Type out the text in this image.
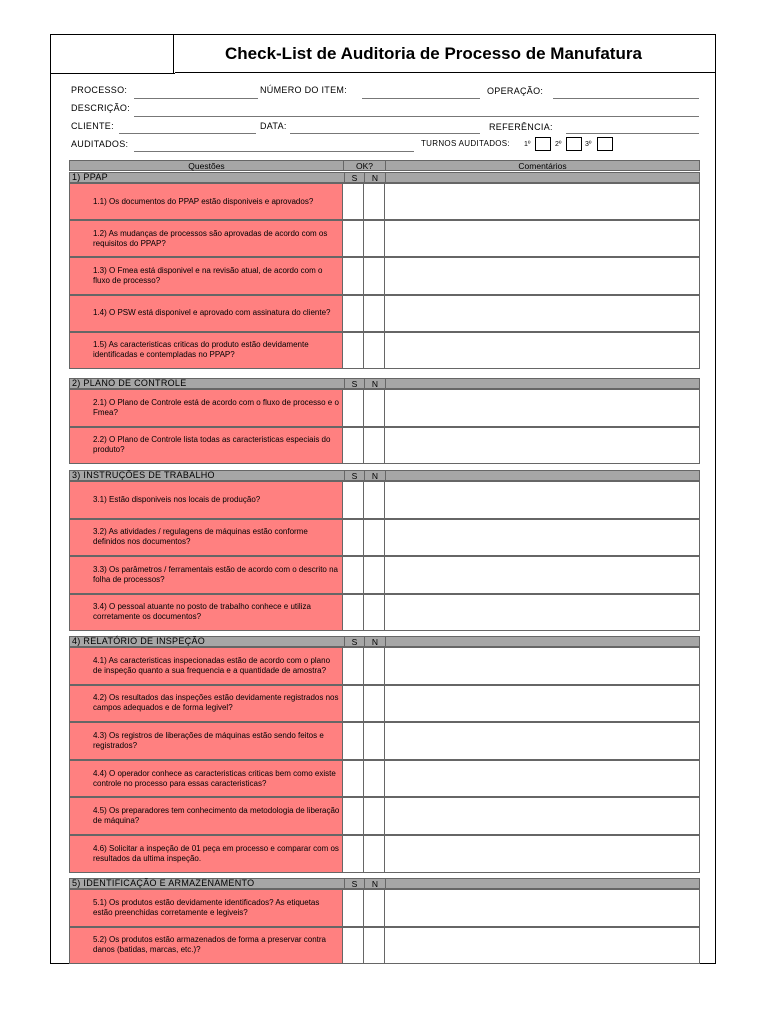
Check-List de Auditoria de Processo de Manufatura
PROCESSO:	NÚMERO DO ITEM:	OPERAÇÃO:
DESCRIÇÃO:
CLIENTE:	DATA:	REFERÊNCIA:
AUDITADOS:	TURNOS AUDITADOS: 1º	2º	3º
Questões	OK?	Comentários
1) PPAP	S	N
1.1) Os documentos do PPAP estão disponiveis e aprovados?
1.2) As mudanças de processos são aprovadas de acordo com os requisitos do PPAP?
1.3) O Fmea está disponivel e na revisão atual, de acordo com o fluxo de processo?
1.4) O PSW está disponivel e aprovado com assinatura do cliente?
1.5) As caracteristicas criticas do produto estão devidamente identificadas e contempladas no PPAP?
2) PLANO DE CONTROLE	S	N
2.1) O Plano de Controle está de acordo com o fluxo de processo e o Fmea?
2.2) O Plano de Controle lista todas as caracteristicas especiais do produto?
3) INSTRUÇÕES DE TRABALHO	S	N
3.1) Estão disponiveis nos locais de produção?
3.2) As atividades / regulagens de máquinas estão conforme definidos nos documentos?
3.3) Os parâmetros / ferramentais estão de acordo com o descrito na folha de processos?
3.4) O pessoal atuante no posto de trabalho conhece e utiliza corretamente os documentos?
4) RELATÓRIO DE INSPEÇÃO	S	N
4.1) As caracteristicas inspecionadas estão de acordo com o plano de inspeção quanto a sua frequencia e a quantidade de amostra?
4.2) Os resultados das inspeções estão devidamente registrados nos campos adequados e de forma legivel?
4.3) Os registros de liberações de máquinas estão sendo feitos e registrados?
4.4) O operador conhece as caracteristicas criticas bem como existe controle no processo para essas caracteristicas?
4.5) Os preparadores tem conhecimento da metodologia de liberação de máquina?
4.6) Solicitar a inspeção de 01 peça em processo e comparar com os resultados da ultima inspeção.
5) IDENTIFICAÇÃO E ARMAZENAMENTO	S	N
5.1) Os produtos estão devidamente identificados? As etiquetas estão preenchidas corretamente e legiveis?
5.2) Os produtos estão armazenados de forma a preservar contra danos (batidas, marcas, etc.)?
